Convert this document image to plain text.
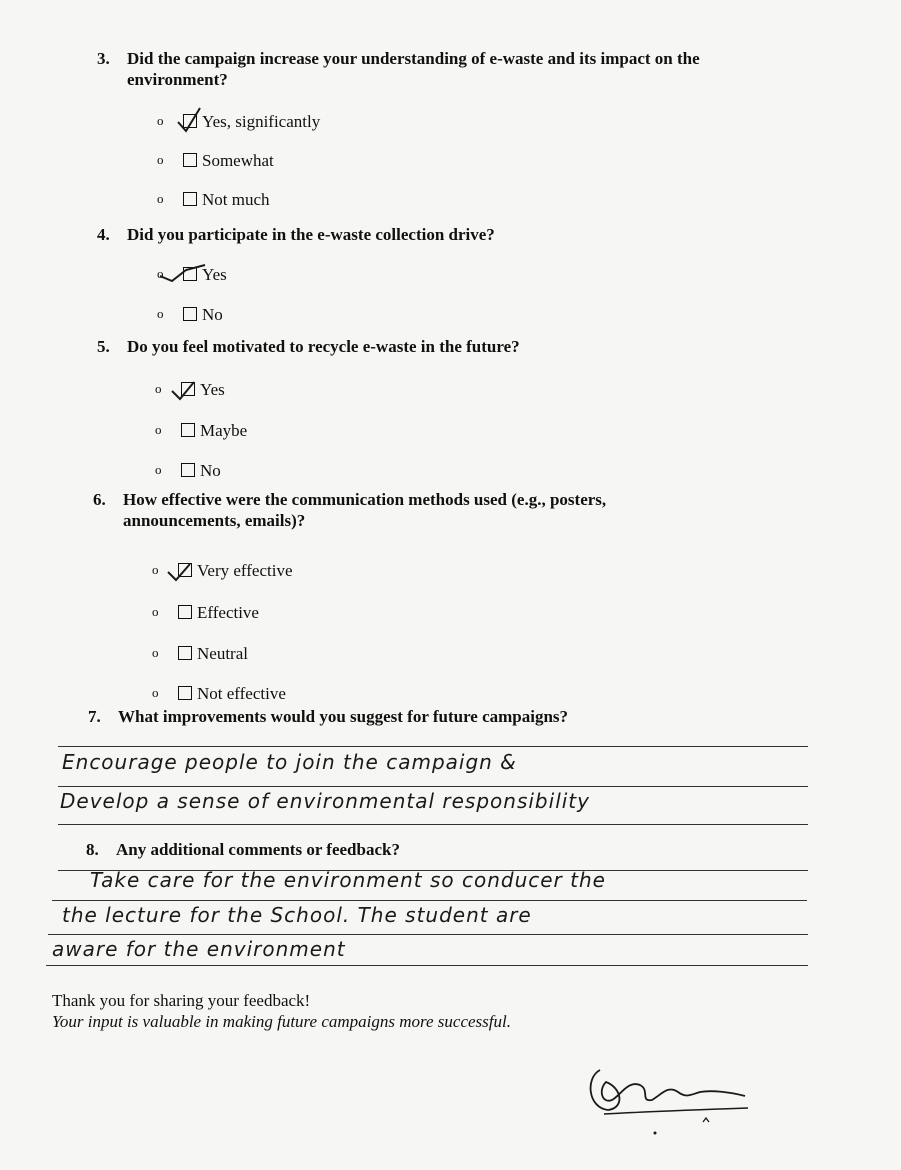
3. Did the campaign increase your understanding of e-waste and its impact on the
environment?
o Yes, significantly
o Somewhat
o Not much
4. Did you participate in the e-waste collection drive?
o Yes
o No
5. Do you feel motivated to recycle e-waste in the future?
o Yes
o Maybe
o No
6. How effective were the communication methods used (e.g., posters,
announcements, emails)?
o Very effective
o Effective
o Neutral
o Not effective
7. What improvements would you suggest for future campaigns?
Encourage people to join the campaign &
Develop a sense of environmental responsibility
8. Any additional comments or feedback?
Take care for the environment so conducer the
the lecture for the School. The student are
aware for the environment
Thank you for sharing your feedback!
Your input is valuable in making future campaigns more successful.
